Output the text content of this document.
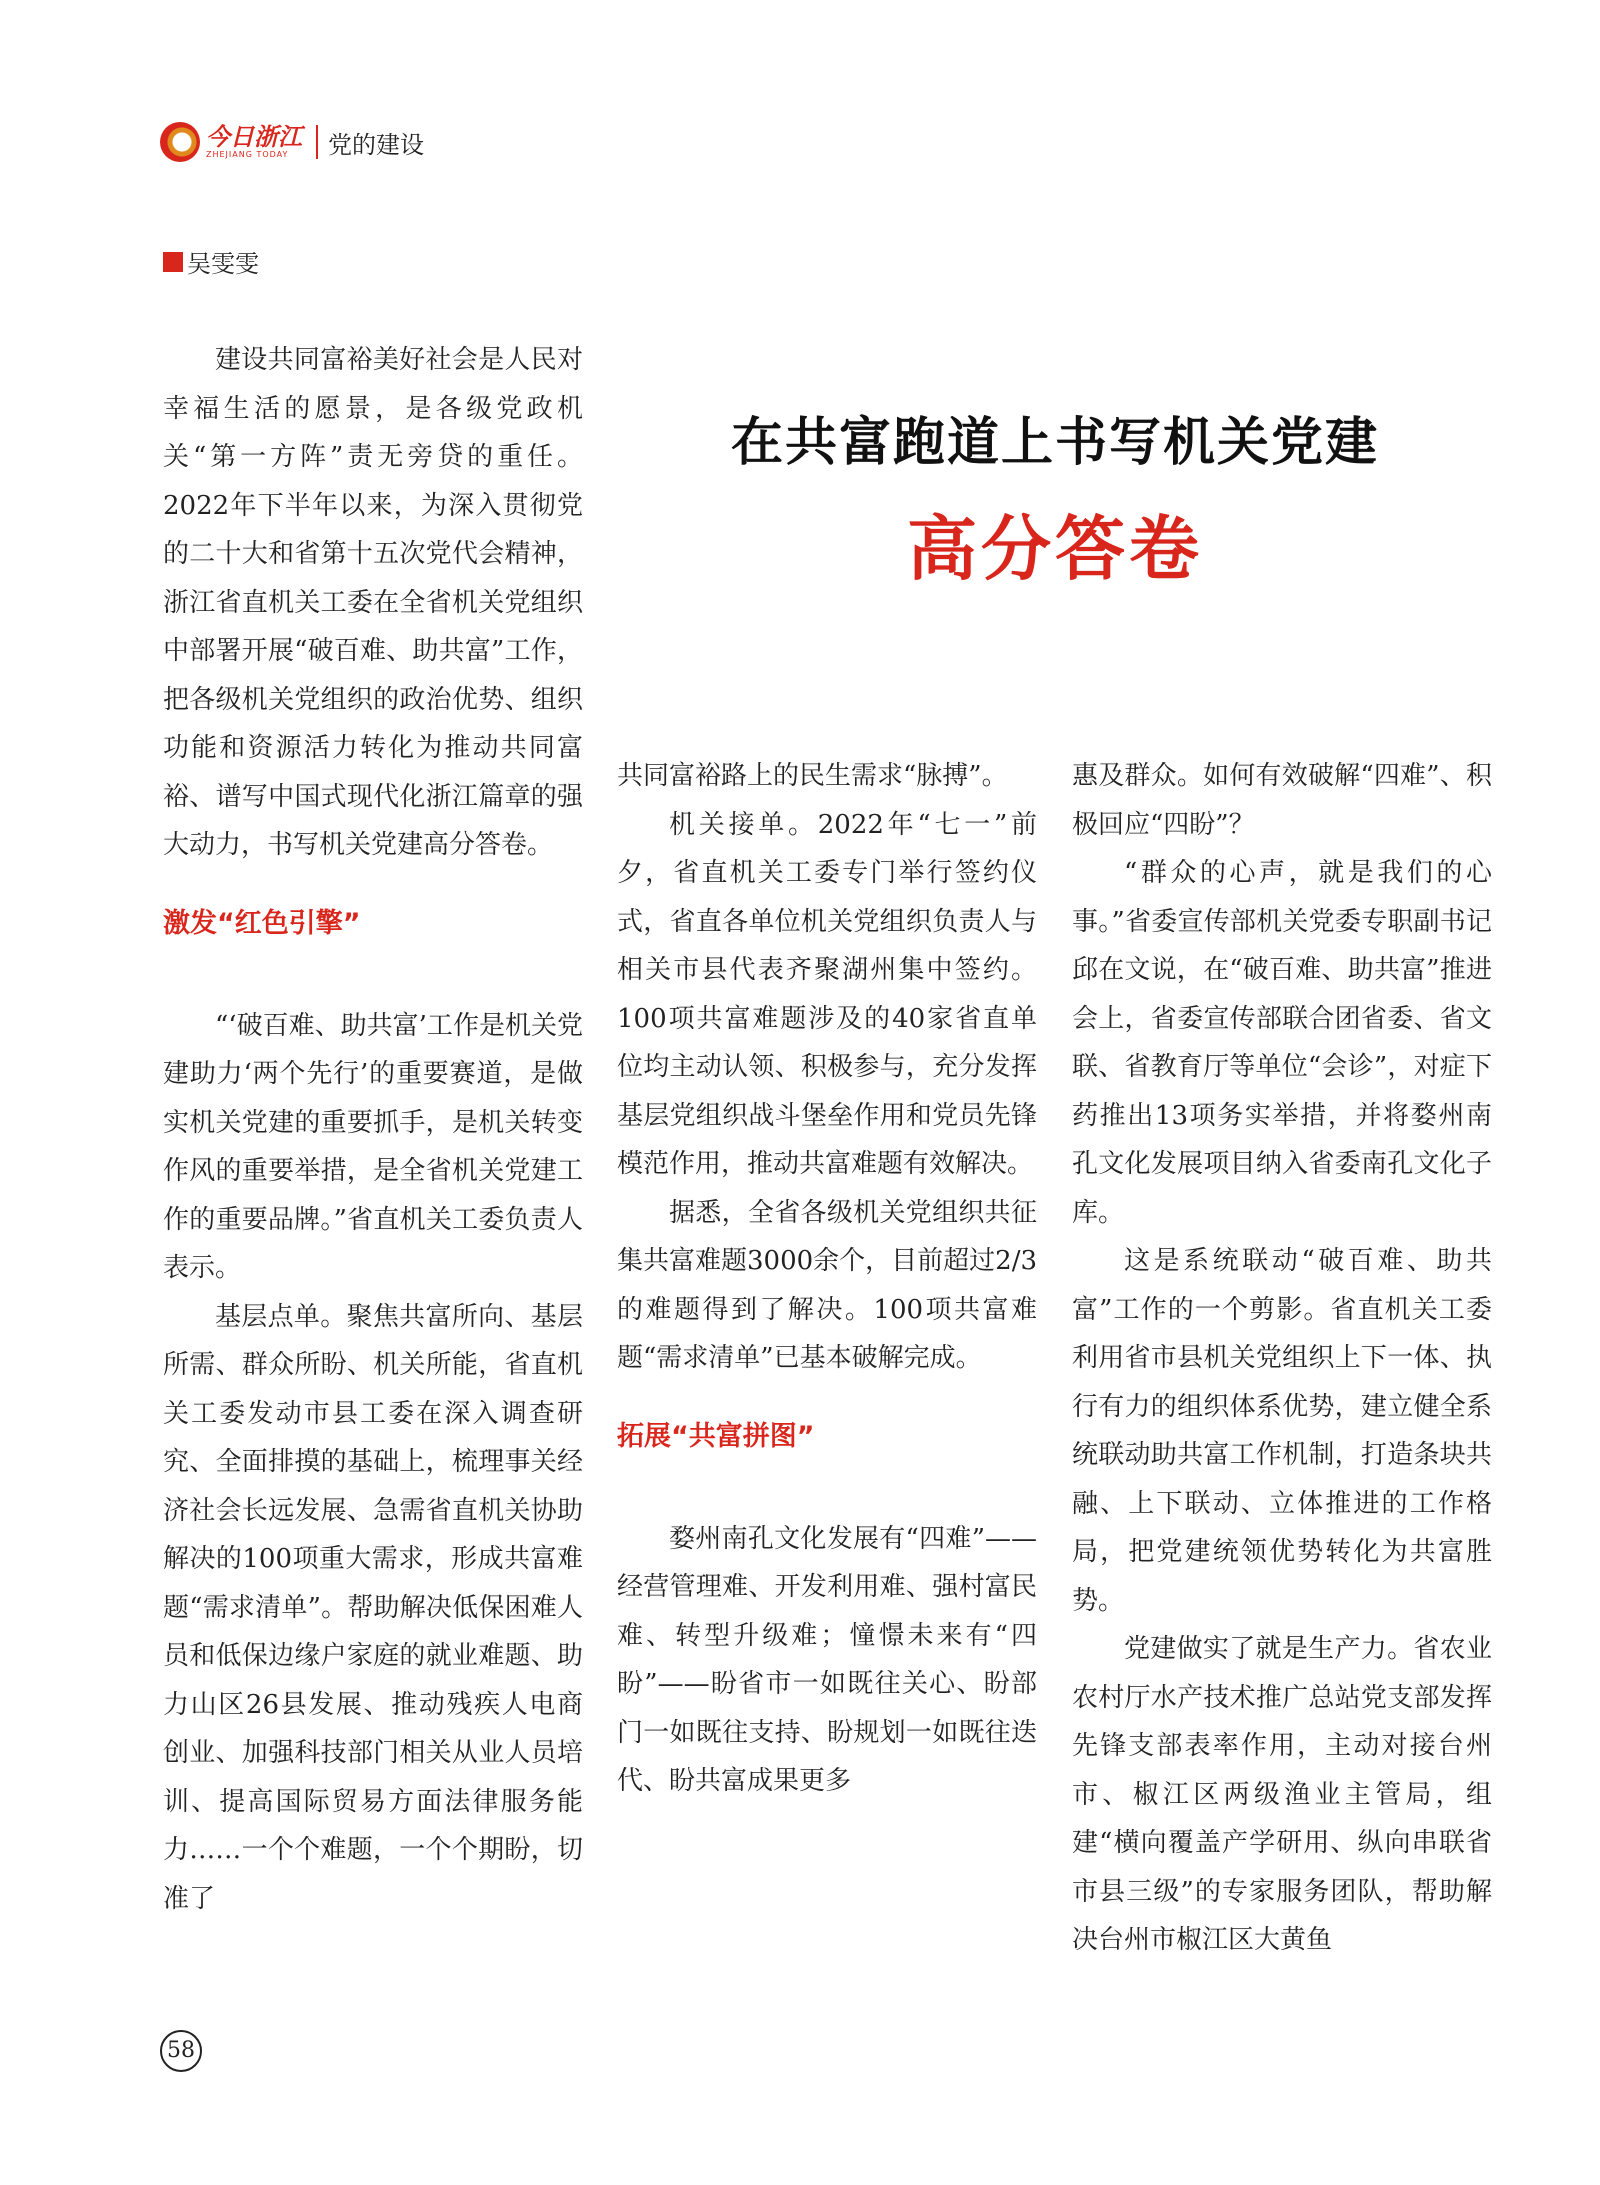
今日浙江
ZHEJIANG TODAY	党的建设
吴雯雯
在共富跑道上书写机关党建
高分答卷

建设共同富裕美好社会是人民对幸福生活的愿景，是各级党政机关“第一方阵”责无旁贷的重任。2022年下半年以来，为深入贯彻党的二十大和省第十五次党代会精神，浙江省直机关工委在全省机关党组织中部署开展“破百难、助共富”工作，把各级机关党组织的政治优势、组织功能和资源活力转化为推动共同富裕、谱写中国式现代化浙江篇章的强大动力，书写机关党建高分答卷。

激发“红色引擎”

“‘破百难、助共富’工作是机关党建助力‘两个先行’的重要赛道，是做实机关党建的重要抓手，是机关转变作风的重要举措，是全省机关党建工作的重要品牌。”省直机关工委负责人表示。

基层点单。聚焦共富所向、基层所需、群众所盼、机关所能，省直机关工委发动市县工委在深入调查研究、全面排摸的基础上，梳理事关经济社会长远发展、急需省直机关协助解决的100项重大需求，形成共富难题“需求清单”。帮助解决低保困难人员和低保边缘户家庭的就业难题、助力山区26县发展、推动残疾人电商创业、加强科技部门相关从业人员培训、提高国际贸易方面法律服务能力……一个个难题，一个个期盼，切准了

共同富裕路上的民生需求“脉搏”。

机关接单。2022年“七一”前夕，省直机关工委专门举行签约仪式，省直各单位机关党组织负责人与相关市县代表齐聚湖州集中签约。100项共富难题涉及的40家省直单位均主动认领、积极参与，充分发挥基层党组织战斗堡垒作用和党员先锋模范作用，推动共富难题有效解决。

据悉，全省各级机关党组织共征集共富难题3000余个，目前超过2/3的难题得到了解决。100项共富难题“需求清单”已基本破解完成。

拓展“共富拼图”

婺州南孔文化发展有“四难”——经营管理难、开发利用难、强村富民难、转型升级难；憧憬未来有“四盼”——盼省市一如既往关心、盼部门一如既往支持、盼规划一如既往迭代、盼共富成果更多

惠及群众。如何有效破解“四难”、积极回应“四盼”？

“群众的心声，就是我们的心事。”省委宣传部机关党委专职副书记邱在文说，在“破百难、助共富”推进会上，省委宣传部联合团省委、省文联、省教育厅等单位“会诊”，对症下药推出13项务实举措，并将婺州南孔文化发展项目纳入省委南孔文化子库。

这是系统联动“破百难、助共富”工作的一个剪影。省直机关工委利用省市县机关党组织上下一体、执行有力的组织体系优势，建立健全系统联动助共富工作机制，打造条块共融、上下联动、立体推进的工作格局，把党建统领优势转化为共富胜势。

党建做实了就是生产力。省农业农村厅水产技术推广总站党支部发挥先锋支部表率作用，主动对接台州市、椒江区两级渔业主管局，组建“横向覆盖产学研用、纵向串联省市县三级”的专家服务团队，帮助解决台州市椒江区大黄鱼

58
